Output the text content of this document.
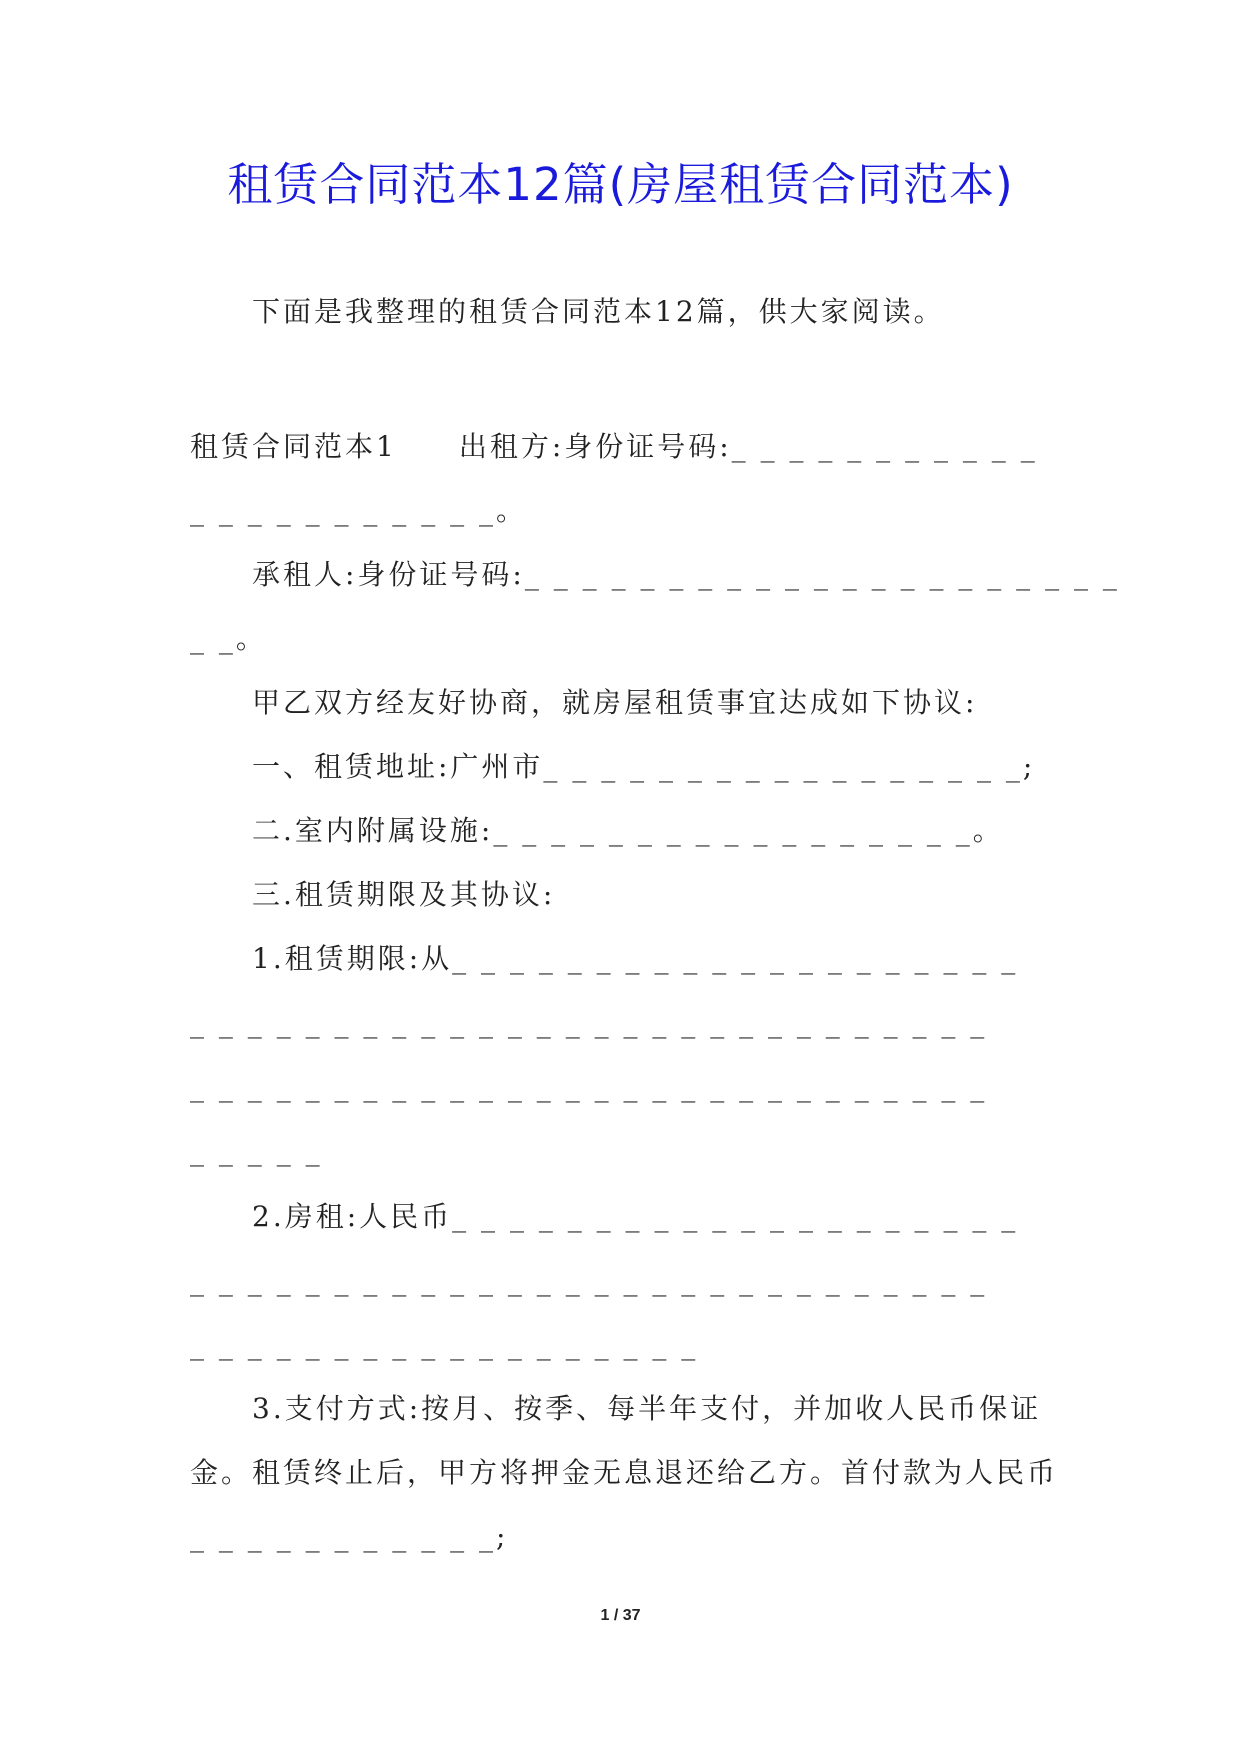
租赁合同范本12篇(房屋租赁合同范本)
下面是我整理的租赁合同范本12篇，供大家阅读。
租赁合同范本1　　出租方:身份证号码:_ _ _ _ _ _ _ _ _ _ _
_ _ _ _ _ _ _ _ _ _ _。
承租人:身份证号码:_ _ _ _ _ _ _ _ _ _ _ _ _ _ _ _ _ _ _ _ _
_ _。
甲乙双方经友好协商，就房屋租赁事宜达成如下协议:
一、租赁地址:广州市_ _ _ _ _ _ _ _ _ _ _ _ _ _ _ _ _;
二.室内附属设施:_ _ _ _ _ _ _ _ _ _ _ _ _ _ _ _ _。
三.租赁期限及其协议:
1.租赁期限:从_ _ _ _ _ _ _ _ _ _ _ _ _ _ _ _ _ _ _ _
_ _ _ _ _ _ _ _ _ _ _ _ _ _ _ _ _ _ _ _ _ _ _ _ _ _ _ _
_ _ _ _ _ _ _ _ _ _ _ _ _ _ _ _ _ _ _ _ _ _ _ _ _ _ _ _
_ _ _ _ _
2.房租:人民币_ _ _ _ _ _ _ _ _ _ _ _ _ _ _ _ _ _ _ _
_ _ _ _ _ _ _ _ _ _ _ _ _ _ _ _ _ _ _ _ _ _ _ _ _ _ _ _
_ _ _ _ _ _ _ _ _ _ _ _ _ _ _ _ _ _
3.支付方式:按月、按季、每半年支付，并加收人民币保证
金。租赁终止后，甲方将押金无息退还给乙方。首付款为人民币
_ _ _ _ _ _ _ _ _ _ _;
1 / 37
